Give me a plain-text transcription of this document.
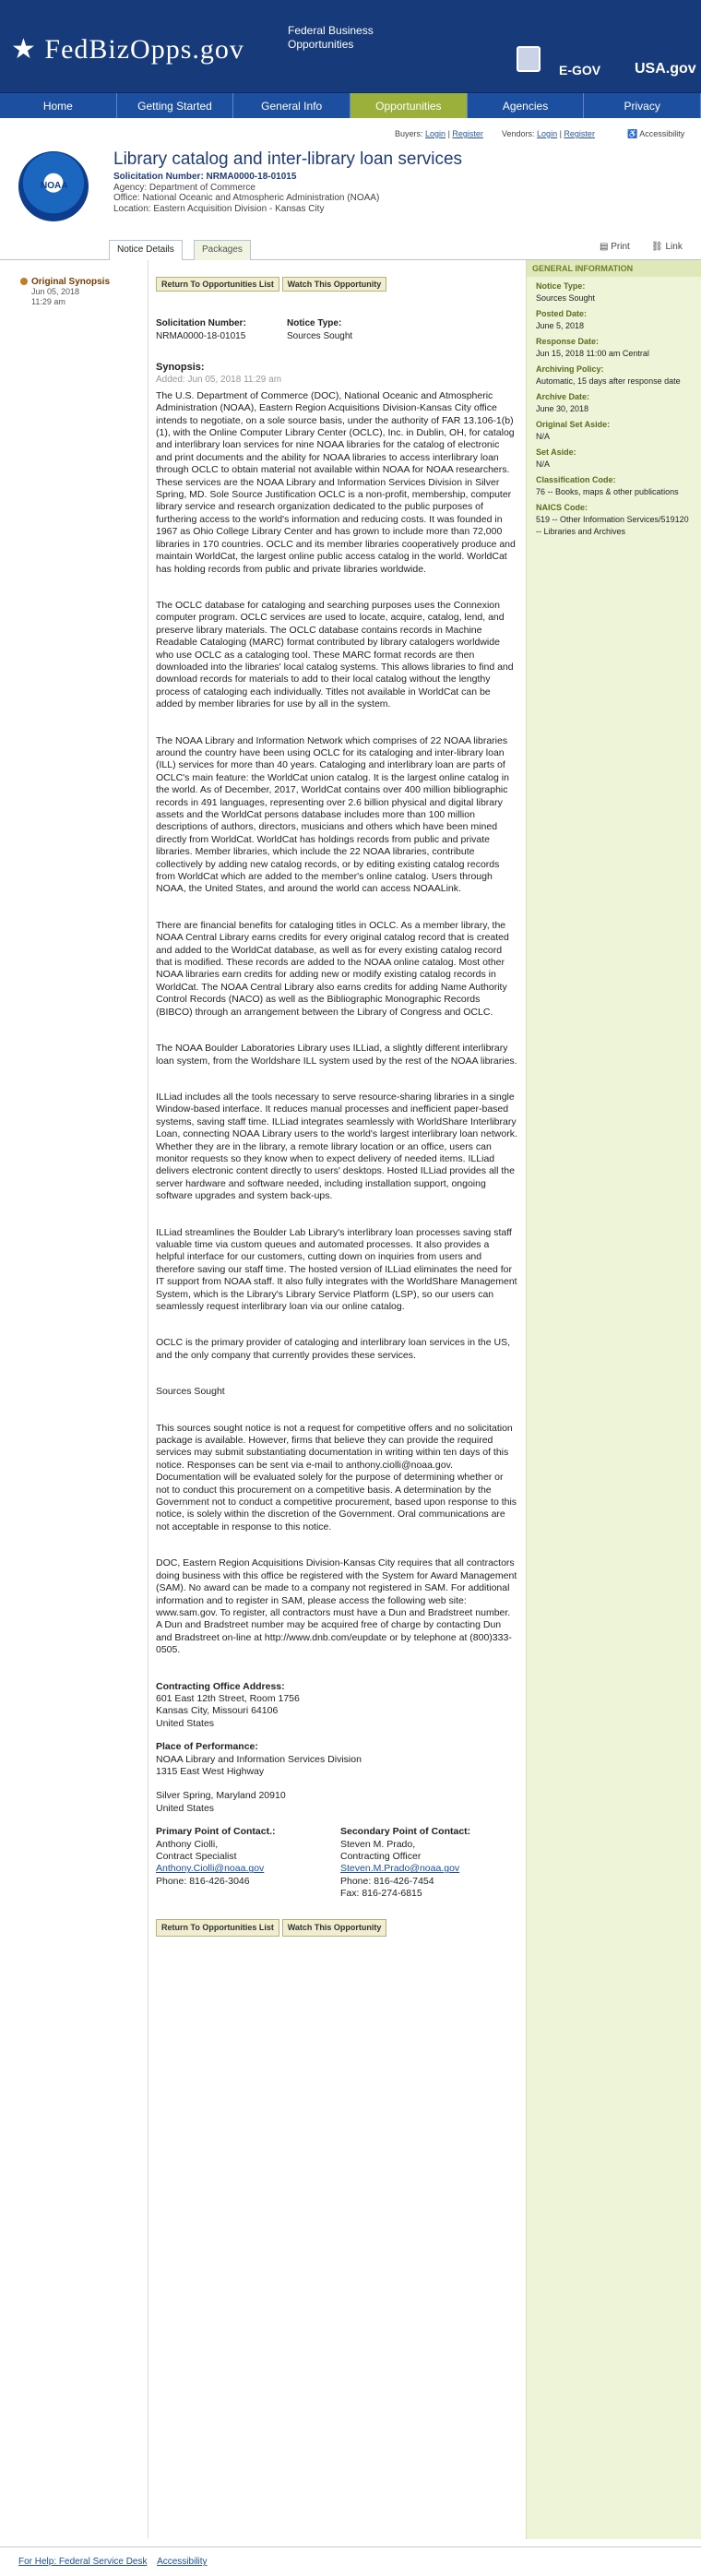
★ FedBizOpps.gov
Federal Business Opportunities
E-GOV USA.gov
Home	Getting Started	General Info	Opportunities	Agencies	Privacy
Buyers: Login | Register Vendors: Login | Register	♿ Accessibility
NOAA
Library catalog and inter-library loan services
Solicitation Number: NRMA0000-18-01015
Agency: Department of Commerce
Office: National Oceanic and Atmospheric Administration (NOAA)
Location: Eastern Acquisition Division - Kansas City
Notice Details	Packages	▤ Print ⛓ Link
Original Synopsis
Jun 05, 2018
11:29 am
Return To Opportunities List Watch This Opportunity
Solicitation Number:
NRMA0000-18-01015
Notice Type:
Sources Sought
Synopsis:
Added: Jun 05, 2018 11:29 am

The U.S. Department of Commerce (DOC), National Oceanic and Atmospheric Administration (NOAA), Eastern Region Acquisitions Division-Kansas City office intends to negotiate, on a sole source basis, under the authority of FAR 13.106-1(b)(1), with the Online Computer Library Center (OCLC), Inc. in Dublin, OH, for catalog and interlibrary loan services for nine NOAA libraries for the catalog of electronic and print documents and the ability for NOAA libraries to access interlibrary loan through OCLC to obtain material not available within NOAA for NOAA researchers. These services are the NOAA Library and Information Services Division in Silver Spring, MD. Sole Source Justification OCLC is a non-profit, membership, computer library service and research organization dedicated to the public purposes of furthering access to the world's information and reducing costs. It was founded in 1967 as Ohio College Library Center and has grown to include more than 72,000 libraries in 170 countries. OCLC and its member libraries cooperatively produce and maintain WorldCat, the largest online public access catalog in the world. WorldCat has holding records from public and private libraries worldwide.

The OCLC database for cataloging and searching purposes uses the Connexion computer program. OCLC services are used to locate, acquire, catalog, lend, and preserve library materials. The OCLC database contains records in Machine Readable Cataloging (MARC) format contributed by library catalogers worldwide who use OCLC as a cataloging tool. These MARC format records are then downloaded into the libraries' local catalog systems. This allows libraries to find and download records for materials to add to their local catalog without the lengthy process of cataloging each individually. Titles not available in WorldCat can be added by member libraries for use by all in the system.

The NOAA Library and Information Network which comprises of 22 NOAA libraries around the country have been using OCLC for its cataloging and inter-library loan (ILL) services for more than 40 years. Cataloging and interlibrary loan are parts of OCLC's main feature: the WorldCat union catalog. It is the largest online catalog in the world. As of December, 2017, WorldCat contains over 400 million bibliographic records in 491 languages, representing over 2.6 billion physical and digital library assets and the WorldCat persons database includes more than 100 million descriptions of authors, directors, musicians and others which have been mined directly from WorldCat. WorldCat has holdings records from public and private libraries. Member libraries, which include the 22 NOAA libraries, contribute collectively by adding new catalog records, or by editing existing catalog records from WorldCat which are added to the member's online catalog. Users through NOAA, the United States, and around the world can access NOAALink.

There are financial benefits for cataloging titles in OCLC. As a member library, the NOAA Central Library earns credits for every original catalog record that is created and added to the WorldCat database, as well as for every existing catalog record that is modified. These records are added to the NOAA online catalog. Most other NOAA libraries earn credits for adding new or modify existing catalog records in WorldCat. The NOAA Central Library also earns credits for adding Name Authority Control Records (NACO) as well as the Bibliographic Monographic Records (BIBCO) through an arrangement between the Library of Congress and OCLC.

The NOAA Boulder Laboratories Library uses ILLiad, a slightly different interlibrary loan system, from the Worldshare ILL system used by the rest of the NOAA libraries.

ILLiad includes all the tools necessary to serve resource-sharing libraries in a single Window-based interface. It reduces manual processes and inefficient paper-based systems, saving staff time. ILLiad integrates seamlessly with WorldShare Interlibrary Loan, connecting NOAA Library users to the world's largest interlibrary loan network. Whether they are in the library, a remote library location or an office, users can monitor requests so they know when to expect delivery of needed items. ILLiad delivers electronic content directly to users' desktops. Hosted ILLiad provides all the server hardware and software needed, including installation support, ongoing software upgrades and system back-ups.

ILLiad streamlines the Boulder Lab Library's interlibrary loan processes saving staff valuable time via custom queues and automated processes. It also provides a helpful interface for our customers, cutting down on inquiries from users and therefore saving our staff time. The hosted version of ILLiad eliminates the need for IT support from NOAA staff. It also fully integrates with the WorldShare Management System, which is the Library's Library Service Platform (LSP), so our users can seamlessly request interlibrary loan via our online catalog.

OCLC is the primary provider of cataloging and interlibrary loan services in the US, and the only company that currently provides these services.

Sources Sought

This sources sought notice is not a request for competitive offers and no solicitation package is available. However, firms that believe they can provide the required services may submit substantiating documentation in writing within ten days of this notice. Responses can be sent via e-mail to anthony.ciolli@noaa.gov. Documentation will be evaluated solely for the purpose of determining whether or not to conduct this procurement on a competitive basis. A determination by the Government not to conduct a competitive procurement, based upon response to this notice, is solely within the discretion of the Government. Oral communications are not acceptable in response to this notice.

DOC, Eastern Region Acquisitions Division-Kansas City requires that all contractors doing business with this office be registered with the System for Award Management (SAM). No award can be made to a company not registered in SAM. For additional information and to register in SAM, please access the following web site: www.sam.gov. To register, all contractors must have a Dun and Bradstreet number. A Dun and Bradstreet number may be acquired free of charge by contacting Dun and Bradstreet on-line at http://www.dnb.com/eupdate or by telephone at (800)333-0505.

Contracting Office Address:
601 East 12th Street, Room 1756
Kansas City, Missouri 64106
United States
Place of Performance:
NOAA Library and Information Services Division
1315 East West Highway
Silver Spring, Maryland 20910
United States
Primary Point of Contact.:
Anthony Ciolli,
Contract Specialist
Anthony.Ciolli@noaa.gov
Phone: 816-426-3046
Secondary Point of Contact:
Steven M. Prado,
Contracting Officer
Steven.M.Prado@noaa.gov
Phone: 816-426-7454
Fax: 816-274-6815
Return To Opportunities List Watch This Opportunity
GENERAL INFORMATION
Notice Type:
Sources Sought
Posted Date:
June 5, 2018
Response Date:
Jun 15, 2018 11:00 am Central
Archiving Policy:
Automatic, 15 days after response date
Archive Date:
June 30, 2018
Original Set Aside:
N/A
Set Aside:
N/A
Classification Code:
76 -- Books, maps & other publications
NAICS Code:
519 -- Other Information Services/519120 -- Libraries and Archives
For Help: Federal Service Desk Accessibility
